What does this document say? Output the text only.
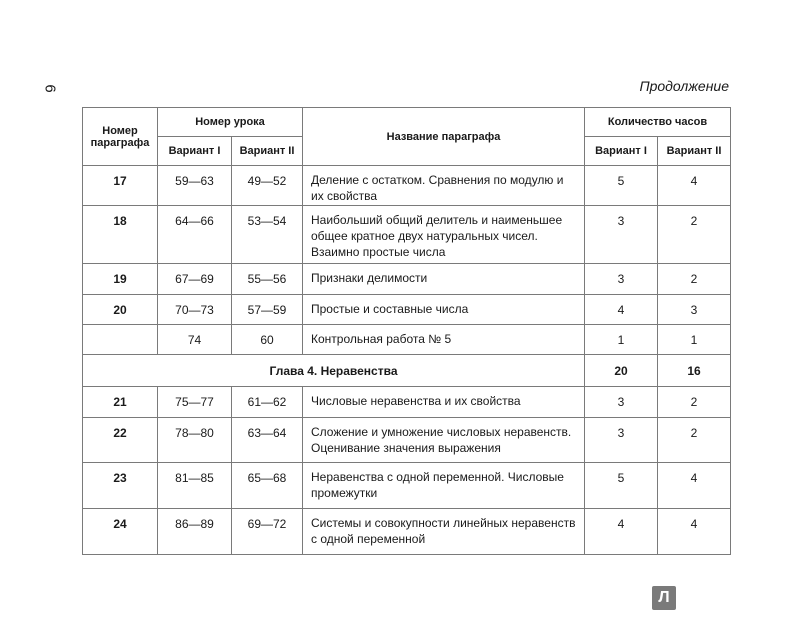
6	Продолжение
Номер параграфа	Номер урока		Название параграфа	Количество часов	
	Вариант I	Вариант II		Вариант I	Вариант II
17	59—63	49—52	Деление с остатком. Сравнения по модулю и их свойства	5	4
18	64—66	53—54	Наибольший общий делитель и наименьшее общее кратное двух натуральных чисел. Взаимно простые числа	3	2
19	67—69	55—56	Признаки делимости	3	2
20	70—73	57—59	Простые и составные числа	4	3
	74	60	Контрольная работа № 5	1	1
Глава 4. Неравенства				20	16
21	75—77	61—62	Числовые неравенства и их свойства	3	2
22	78—80	63—64	Сложение и умножение числовых неравенств. Оценивание значения выражения	3	2
23	81—85	65—68	Неравенства с одной переменной. Числовые промежутки	5	4
24	86—89	69—72	Системы и совокупности линейных неравенств с одной переменной	4	4
Л
